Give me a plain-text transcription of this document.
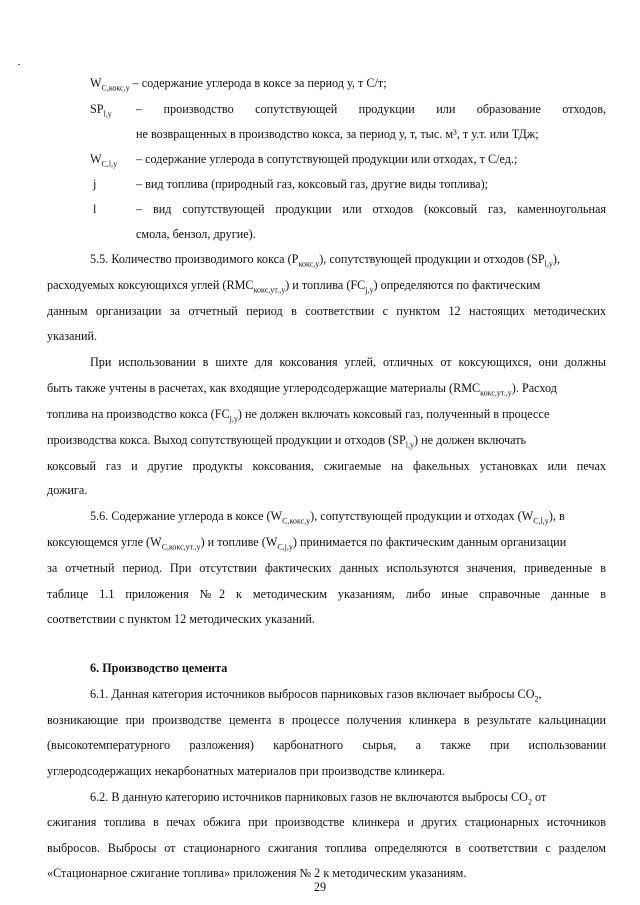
$W_{C,кокс,у}$ – содержание углерода в коксе за период у, т С/т;
$SP_{l,y}$ – производство сопутствующей продукции или образование отходов,
не возвращенных в производство кокса, за период у, т, тыс. м³, т у.т. или ТДж;
$W_{C,l,y}$ – содержание углерода в сопутствующей продукции или отходах, т С/ед.;
j	– вид топлива (природный газ, коксовый газ, другие виды топлива);
l	– вид сопутствующей продукции или отходов (коксовый газ, каменноугольная
смола, бензол, другие).
5.5. Количество производимого кокса $(P_{кокс,у})$, сопутствующей продукции и отходов $(SP_{l,y})$,
расходуемых коксующихся углей $(RMC_{кокс,ут.,у})$ и топлива $(FC_{j,y})$ определяются по фактическим
данным организации за отчетный период в соответствии с пунктом 12 настоящих методических
указаний.
При использовании в шихте для коксования углей, отличных от коксующихся, они должны
быть также учтены в расчетах, как входящие углеродсодержащие материалы $(RMC_{кокс,ут.,у})$. Расход
топлива на производство кокса $(FC_{j,y})$ не должен включать коксовый газ, полученный в процессе
производства кокса. Выход сопутствующей продукции и отходов $(SP_{l,y})$ не должен включать
коксовый газ и другие продукты коксования, сжигаемые на факельных установках или печах
дожига.
5.6. Содержание углерода в коксе $(W_{C,кокс,у})$, сопутствующей продукции и отходах $(W_{C,l,y})$, в
коксующемся угле $(W_{C,кокс,ут.,у})$ и топливе $(W_{C,j,y})$ принимается по фактическим данным организации
за отчетный период. При отсутствии фактических данных используются значения, приведенные в
таблице 1.1 приложения №2 к методическим указаниям, либо иные справочные данные в
соответствии с пунктом 12 методических указаний.
6. Производство цемента
6.1. Данная категория источников выбросов парниковых газов включает выбросы $CO_2$,
возникающие при производстве цемента в процессе получения клинкера в результате кальцинации
(высокотемпературного разложения) карбонатного сырья, а также при использовании
углеродсодержащих некарбонатных материалов при производстве клинкера.
6.2. В данную категорию источников парниковых газов не включаются выбросы $CO_2$ от
сжигания топлива в печах обжига при производстве клинкера и других стационарных источников
выбросов. Выбросы от стационарного сжигания топлива определяются в соответствии с разделом
«Стационарное сжигание топлива» приложения № 2 к методическим указаниям.
29
